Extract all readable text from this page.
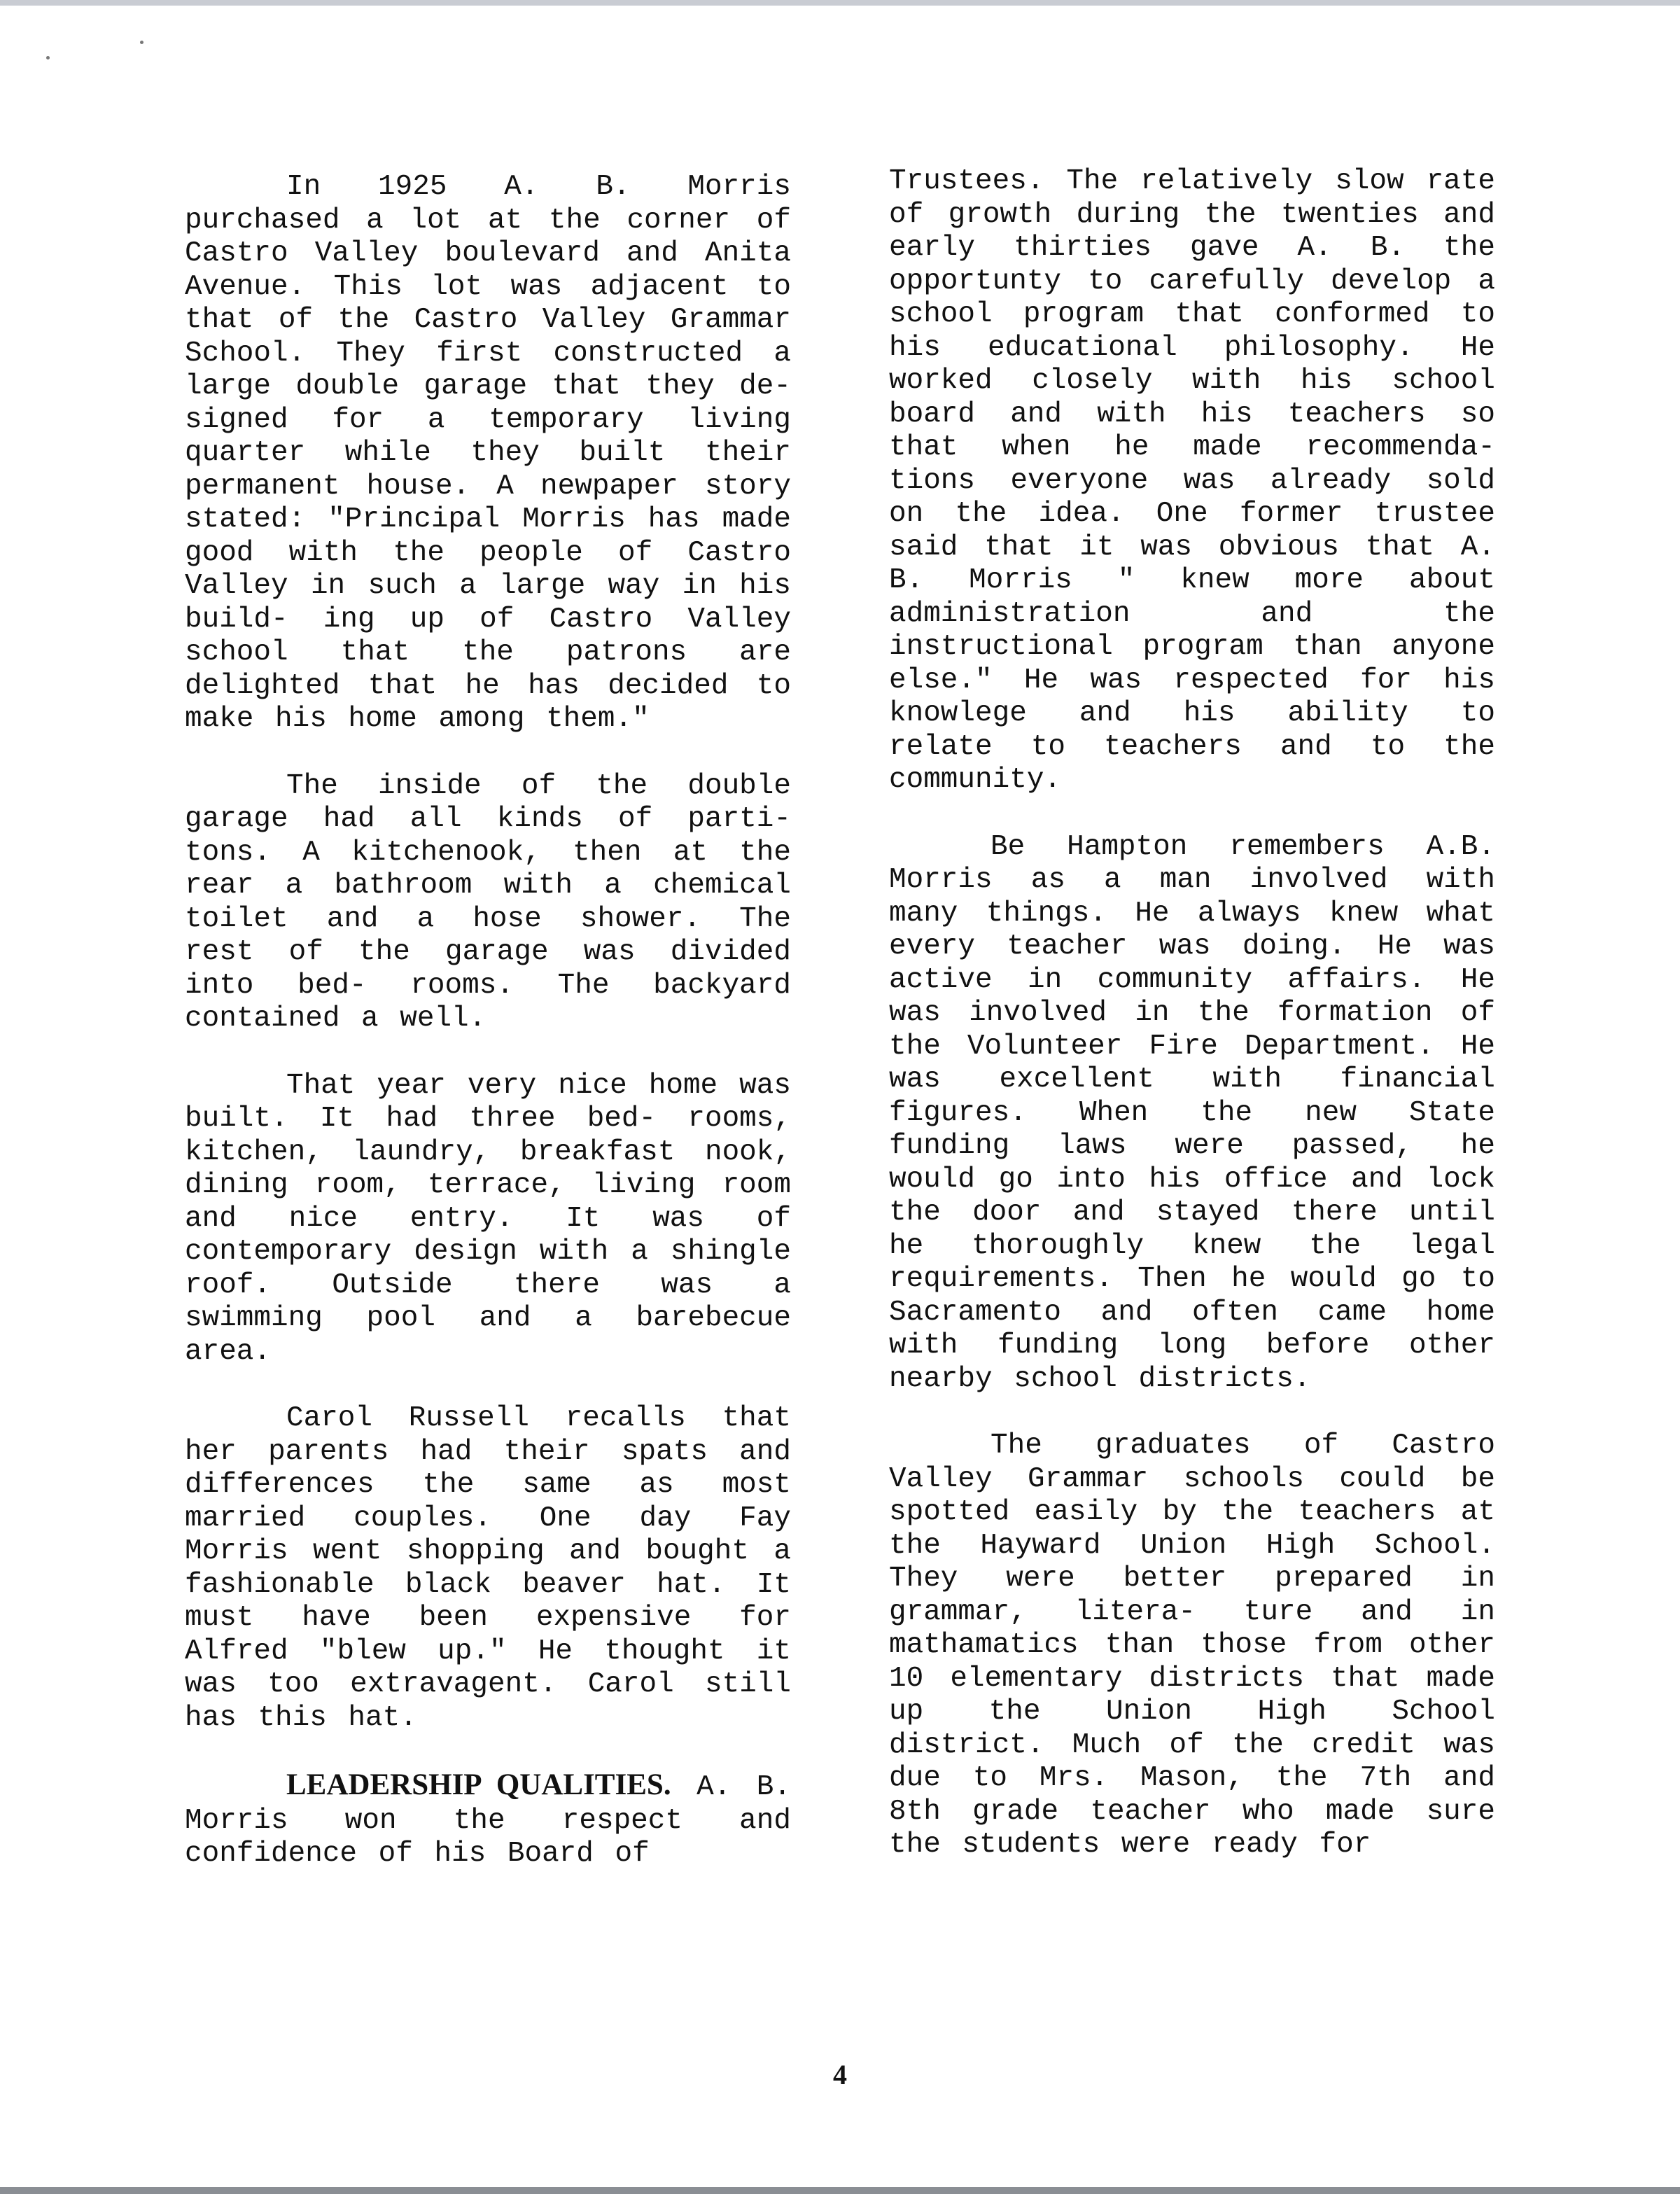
In 1925 A. B. Morris purchased a lot at the corner of Castro Valley boulevard and Anita Avenue. This lot was adjacent to that of the Castro Valley Grammar School. They first constructed a large double garage that they de- signed for a temporary living quarter while they built their permanent house. A newpaper story stated: "Principal Morris has made good with the people of Castro Valley in such a large way in his build- ing up of Castro Valley school that the patrons are delighted that he has decided to make his home among them."

The inside of the double garage had all kinds of parti- tons. A kitchenook, then at the rear a bathroom with a chemical toilet and a hose shower. The rest of the garage was divided into bed- rooms. The backyard contained a well.

That year very nice home was built. It had three bed- rooms, kitchen, laundry, breakfast nook, dining room, terrace, living room and nice entry. It was of contemporary design with a shingle roof. Outside there was a swimming pool and a barebecue area.

Carol Russell recalls that her parents had their spats and differences the same as most married couples. One day Fay Morris went shopping and bought a fashionable black beaver hat. It must have been expensive for Alfred "blew up." He thought it was too extravagent. Carol still has this hat.

LEADERSHIP QUALITIES. A. B. Morris won the respect and confidence of his Board of

Trustees. The relatively slow rate of growth during the twenties and early thirties gave A. B. the opportunty to carefully develop a school program that conformed to his educational philosophy. He worked closely with his school board and with his teachers so that when he made recommenda- tions everyone was already sold on the idea. One former trustee said that it was obvious that A. B. Morris " knew more about administration and the instructional program than anyone else." He was respected for his knowlege and his ability to relate to teachers and to the community.

Be Hampton remembers A.B. Morris as a man involved with many things. He always knew what every teacher was doing. He was active in community affairs. He was involved in the formation of the Volunteer Fire Department. He was excellent with financial figures. When the new State funding laws were passed, he would go into his office and lock the door and stayed there until he thoroughly knew the legal requirements. Then he would go to Sacramento and often came home with funding long before other nearby school districts.

The graduates of Castro Valley Grammar schools could be spotted easily by the teachers at the Hayward Union High School. They were better prepared in grammar, litera- ture and in mathamatics than those from other 10 elementary districts that made up the Union High School district. Much of the credit was due to Mrs. Mason, the 7th and 8th grade teacher who made sure the students were ready for

4
